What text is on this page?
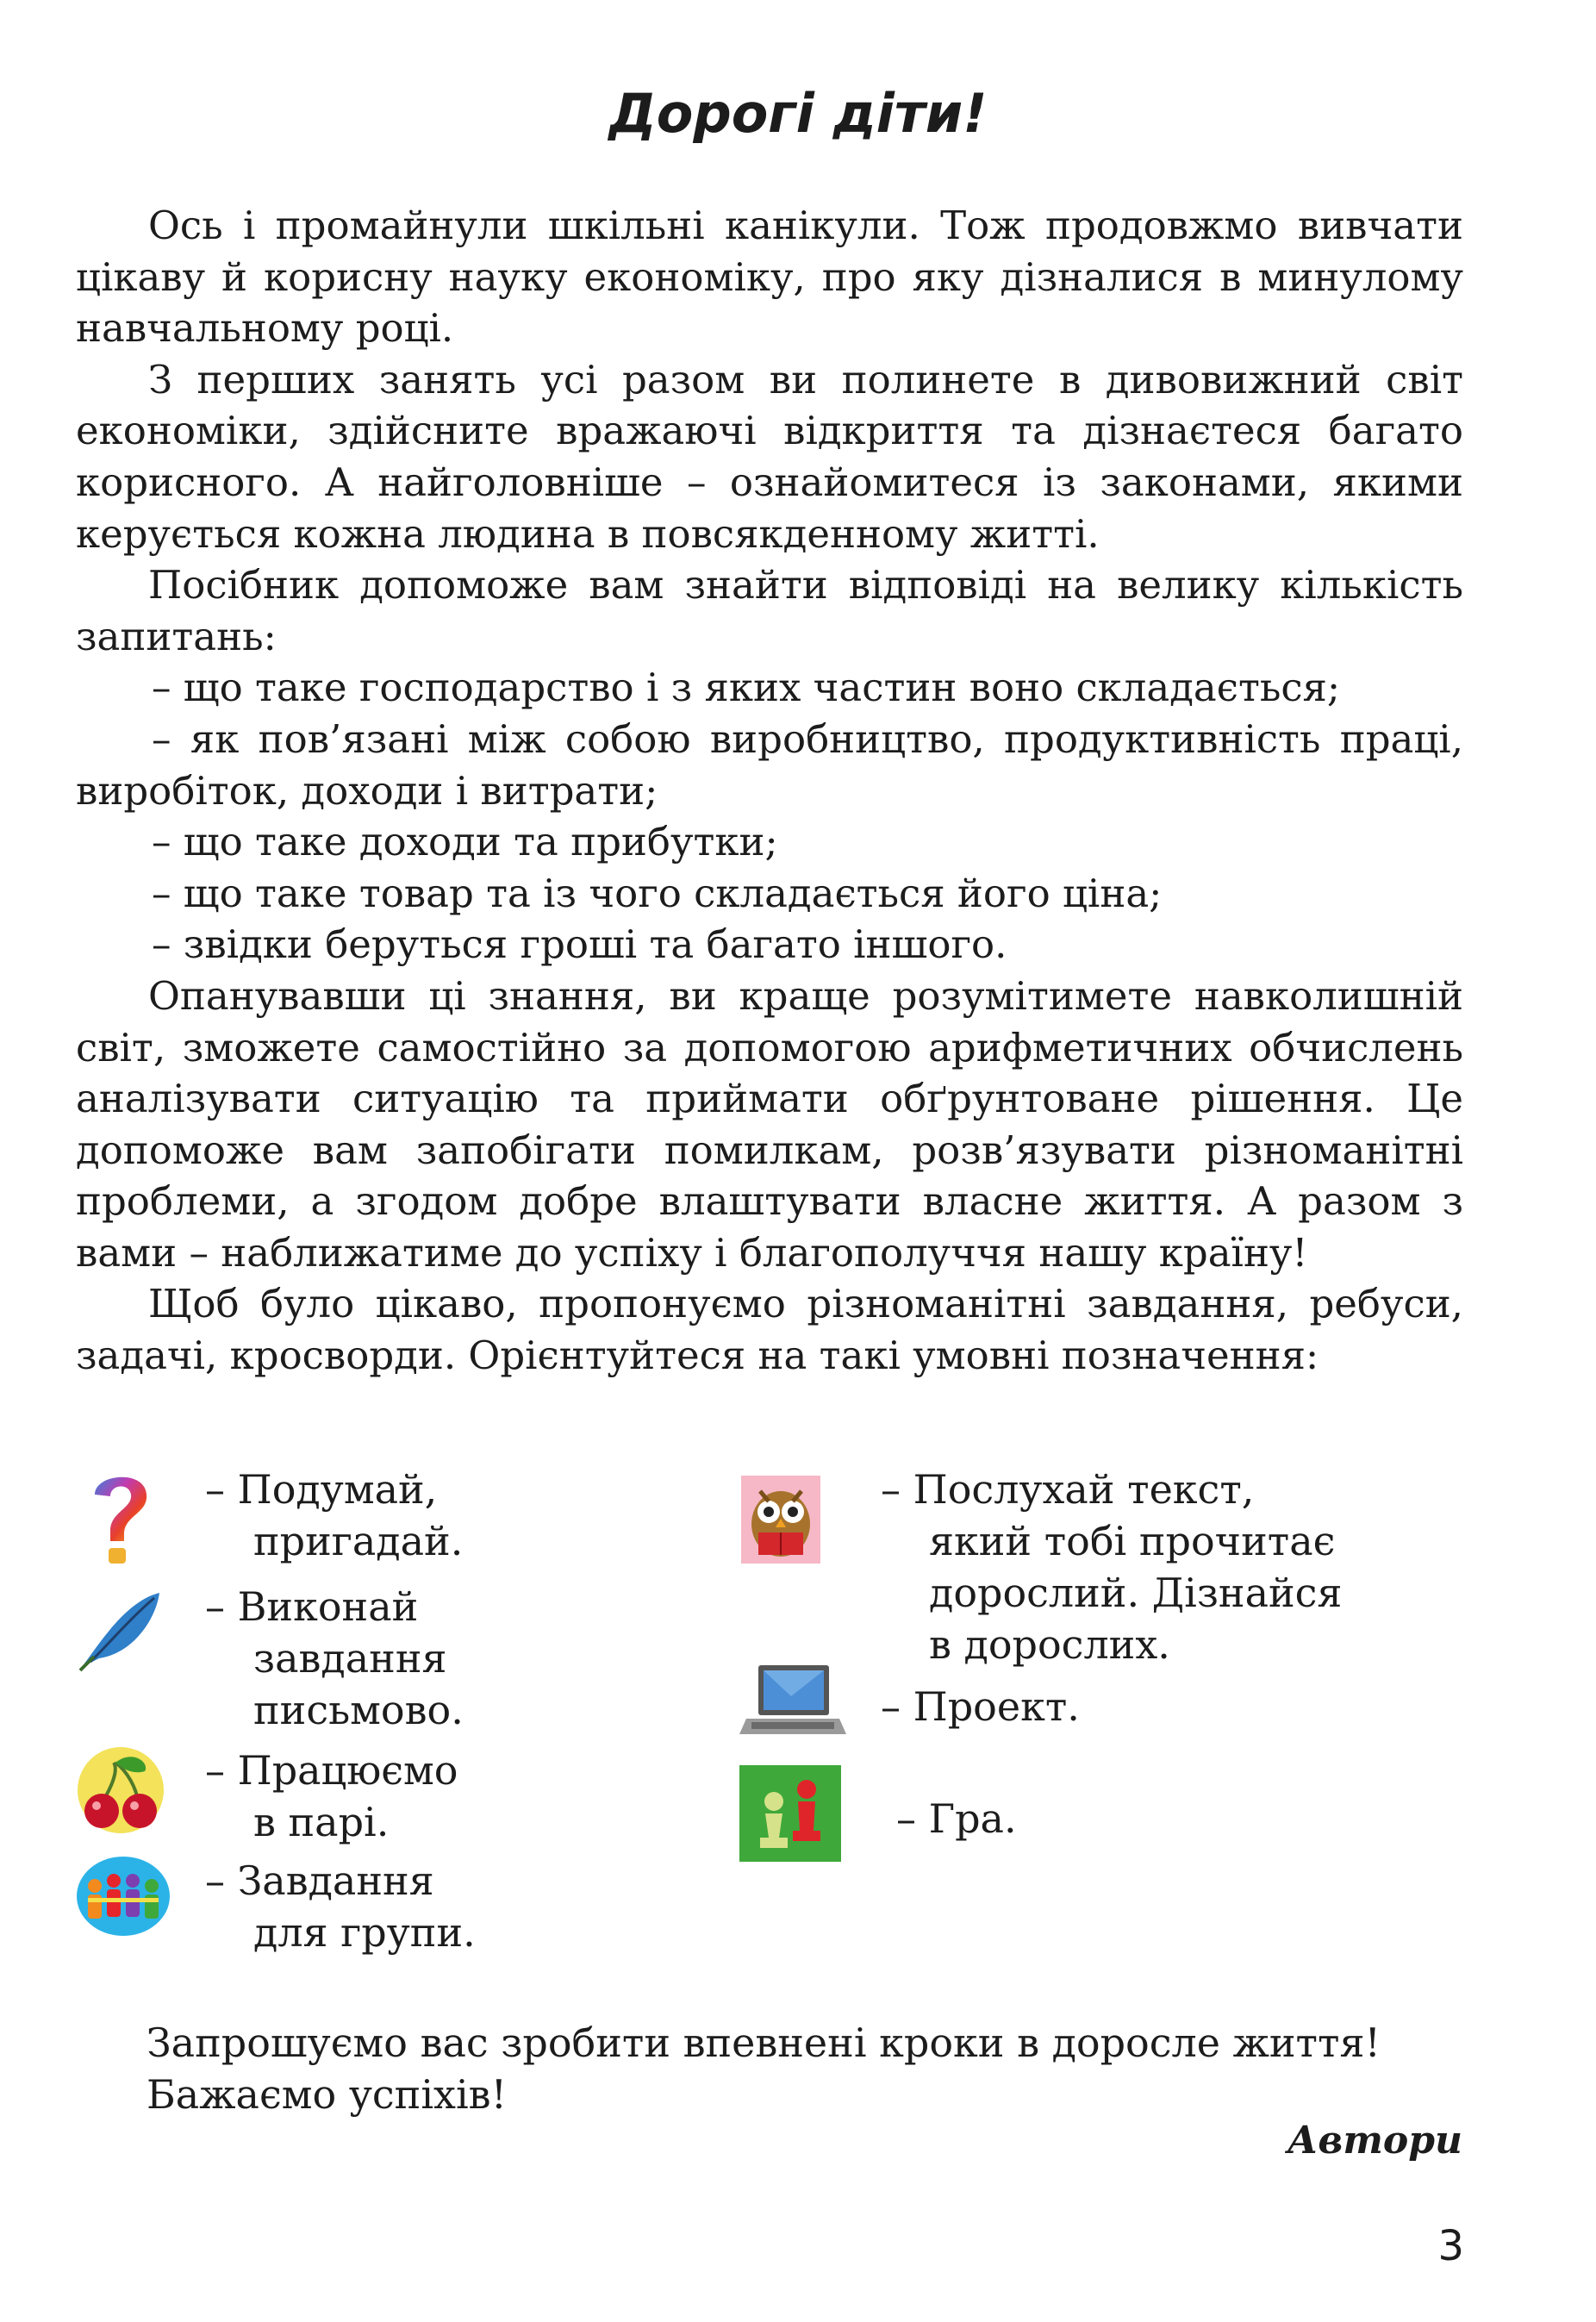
Дорогі діти!

Ось і промайнули шкільні канікули. Тож продовжмо вивчати цікаву й корисну науку економіку, про яку дізналися в минулому навчальному році.

З перших занять усі разом ви полинете в дивовижний світ економіки, здійсните вражаючі відкриття та дізнаєтеся багато корисного. А найголовніше – ознайомитеся із законами, якими керується кожна людина в повсякденному житті.

Посібник допоможе вам знайти відповіді на велику кількість запитань:

– що таке господарство і з яких частин воно складається;

– як пов’язані між собою виробництво, продуктивність праці, виробіток, доходи і витрати;

– що таке доходи та прибутки;

– що таке товар та із чого складається його ціна;

– звідки беруться гроші та багато іншого.

Опанувавши ці знання, ви краще розумітимете навколишній світ, зможете самостійно за допомогою арифметичних обчислень аналізувати ситуацію та приймати обґрунтоване рішення. Це допоможе вам запобігати помилкам, розв’язувати різноманітні проблеми, а згодом добре влаштувати власне життя. А разом з вами – наближатиме до успіху і благополуччя нашу країну!

Щоб було цікаво, пропонуємо різноманітні завдання, ребуси, задачі, кросворди. Орієнтуйтеся на такі умовні позначення:

– Подумай,
пригадай.
– Виконай
завдання
письмово.
– Працюємо
в парі.
– Завдання
для групи.
– Послухай текст,
який тобі прочитає
дорослий. Дізнайся
в дорослих.
– Проект.
– Гра.
Запрошуємо вас зробити впевнені кроки в доросле життя!
Бажаємо успіхів!
Автори
3
